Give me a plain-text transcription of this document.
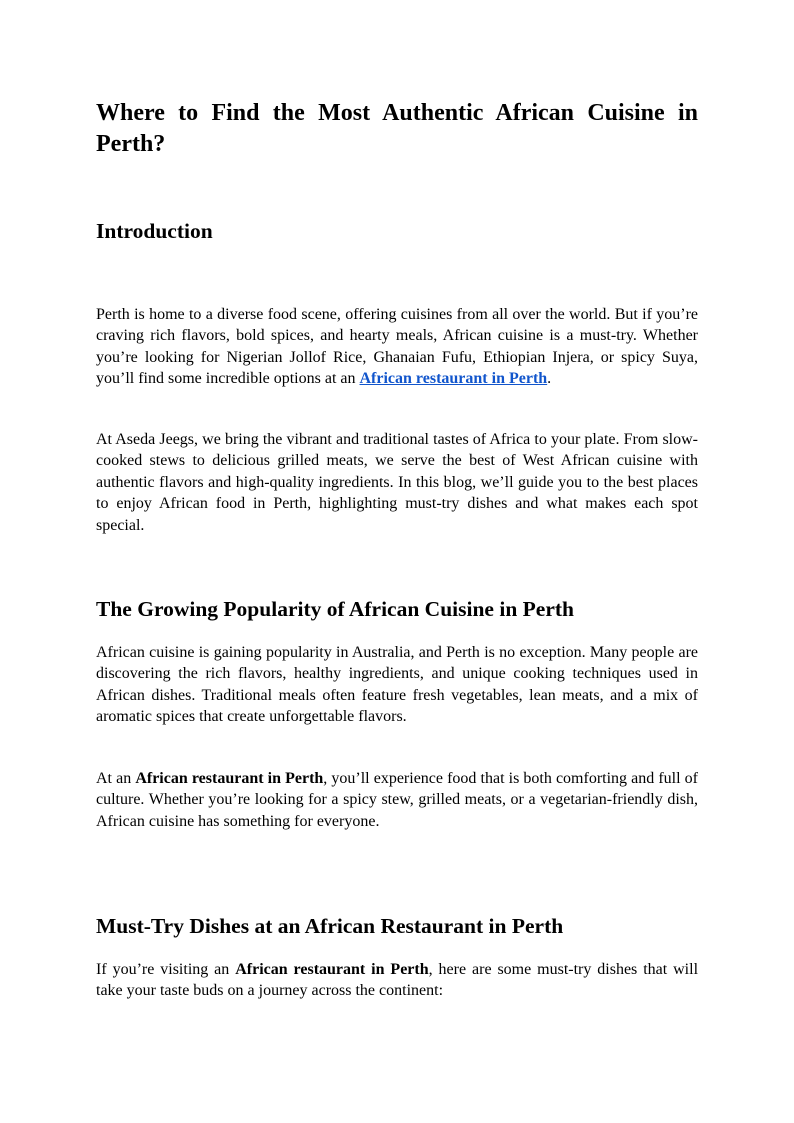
Where to Find the Most Authentic African Cuisine in Perth?
Introduction

Perth is home to a diverse food scene, offering cuisines from all over the world. But if you’re craving rich flavors, bold spices, and hearty meals, African cuisine is a must-try. Whether you’re looking for Nigerian Jollof Rice, Ghanaian Fufu, Ethiopian Injera, or spicy Suya, you’ll find some incredible options at an African restaurant in Perth.

At Aseda Jeegs, we bring the vibrant and traditional tastes of Africa to your plate. From slow-cooked stews to delicious grilled meats, we serve the best of West African cuisine with authentic flavors and high-quality ingredients. In this blog, we’ll guide you to the best places to enjoy African food in Perth, highlighting must-try dishes and what makes each spot special.

The Growing Popularity of African Cuisine in Perth

African cuisine is gaining popularity in Australia, and Perth is no exception. Many people are discovering the rich flavors, healthy ingredients, and unique cooking techniques used in African dishes. Traditional meals often feature fresh vegetables, lean meats, and a mix of aromatic spices that create unforgettable flavors.

At an African restaurant in Perth, you’ll experience food that is both comforting and full of culture. Whether you’re looking for a spicy stew, grilled meats, or a vegetarian-friendly dish, African cuisine has something for everyone.

Must-Try Dishes at an African Restaurant in Perth

If you’re visiting an African restaurant in Perth, here are some must-try dishes that will take your taste buds on a journey across the continent:
